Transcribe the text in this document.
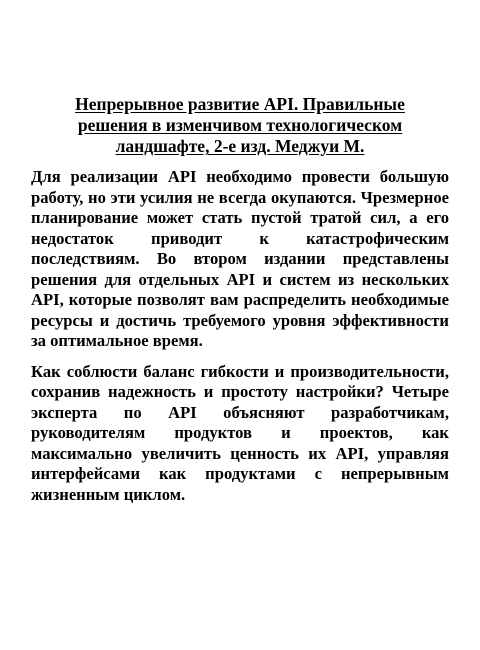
Непрерывное развитие API. Правильные
решения в изменчивом технологическом
ландшафте, 2-е изд. Меджуи М.

Для реализации API необходимо провести большую работу, но эти усилия не всегда окупаются. Чрезмерное планирование может стать пустой тратой сил, а его недостаток приводит к катастрофическим последствиям. Во втором издании представлены решения для отдельных API и систем из нескольких API, которые позволят вам распределить необходимые ресурсы и достичь требуемого уровня эффективности за оптимальное время.

Как соблюсти баланс гибкости и производительности, сохранив надежность и простоту настройки? Четыре эксперта по API объясняют разработчикам, руководителям продуктов и проектов, как максимально увеличить ценность их API, управляя интерфейсами как продуктами с непрерывным жизненным циклом.
